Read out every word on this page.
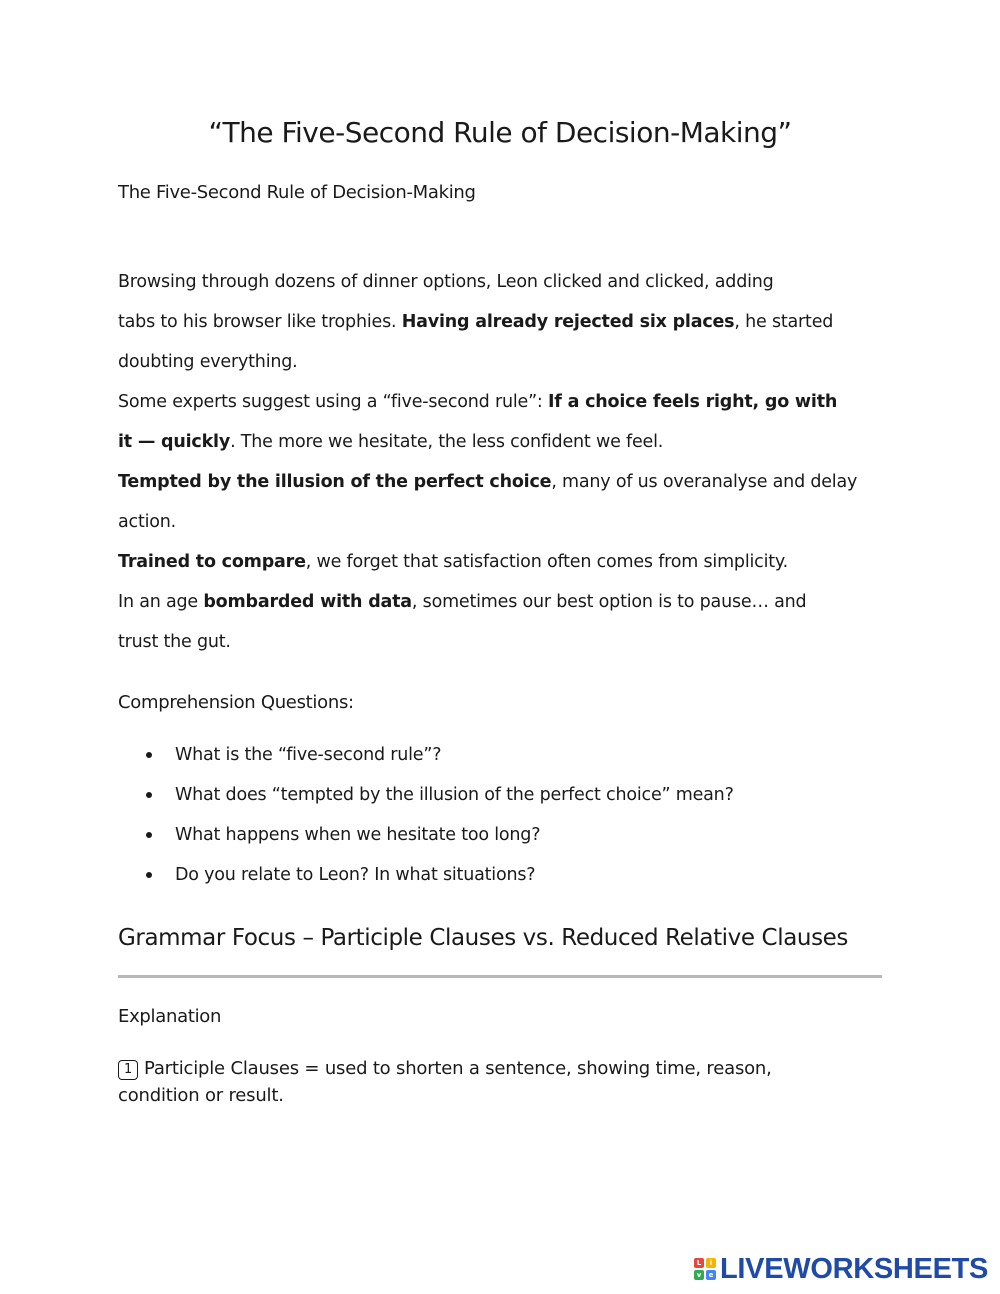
“The Five-Second Rule of Decision-Making”
The Five-Second Rule of Decision-Making
Browsing through dozens of dinner options, Leon clicked and clicked, adding
tabs to his browser like trophies. Having already rejected six places, he started
doubting everything.
Some experts suggest using a “five-second rule”: If a choice feels right, go with
it — quickly. The more we hesitate, the less confident we feel.
Tempted by the illusion of the perfect choice, many of us overanalyse and delay
action.
Trained to compare, we forget that satisfaction often comes from simplicity.
In an age bombarded with data, sometimes our best option is to pause… and
trust the gut.
Comprehension Questions:
What is the “five-second rule”?
What does “tempted by the illusion of the perfect choice” mean?
What happens when we hesitate too long?
Do you relate to Leon? In what situations?
Grammar Focus – Participle Clauses vs. Reduced Relative Clauses
Explanation
1 Participle Clauses = used to shorten a sentence, showing time, reason, condition or result.
L	i
v	e LIVEWORKSHEETS
